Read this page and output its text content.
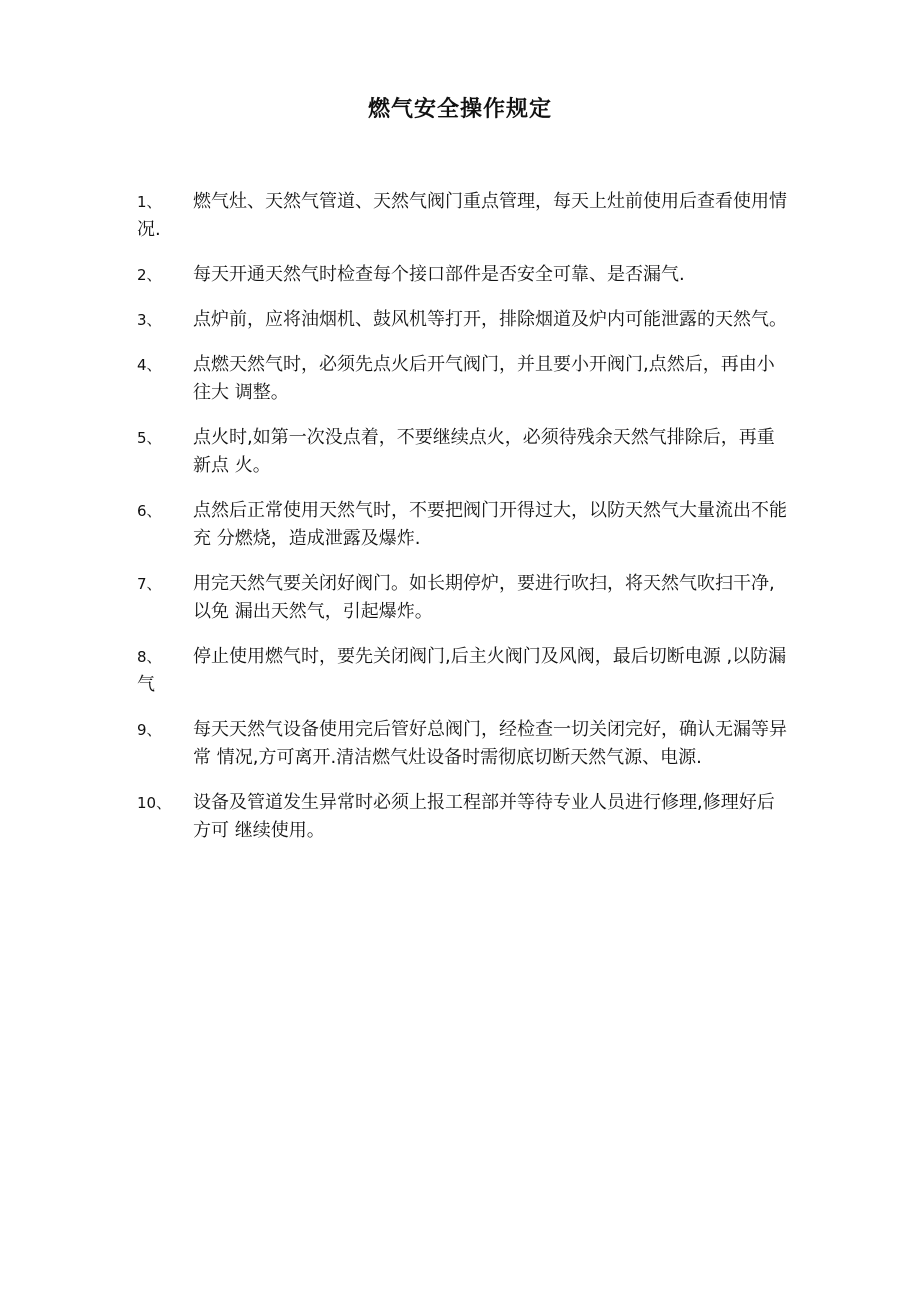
燃气安全操作规定
1、	燃气灶、天然气管道、天然气阀门重点管理，每天上灶前使用后查看使用情况.
2、	每天开通天然气时检查每个接口部件是否安全可靠、是否漏气.
3、	点炉前，应将油烟机、鼓风机等打开，排除烟道及炉内可能泄露的天然气。
4、	点燃天然气时，必须先点火后开气阀门，并且要小开阀门,点然后，再由小往大 调整。
5、	点火时,如第一次没点着，不要继续点火，必须待残余天然气排除后，再重新点 火。
6、	点然后正常使用天然气时，不要把阀门开得过大，以防天然气大量流出不能充 分燃烧，造成泄露及爆炸.
7、	用完天然气要关闭好阀门。如长期停炉，要进行吹扫，将天然气吹扫干净,以免 漏出天然气，引起爆炸。
8、	停止使用燃气时，要先关闭阀门,后主火阀门及风阀，最后切断电源 ,以防漏气
9、	每天天然气设备使用完后管好总阀门，经检查一切关闭完好，确认无漏等异常 情况,方可离开.清洁燃气灶设备时需彻底切断天然气源、电源.
10、	设备及管道发生异常时必须上报工程部并等待专业人员进行修理,修理好后方可 继续使用。
